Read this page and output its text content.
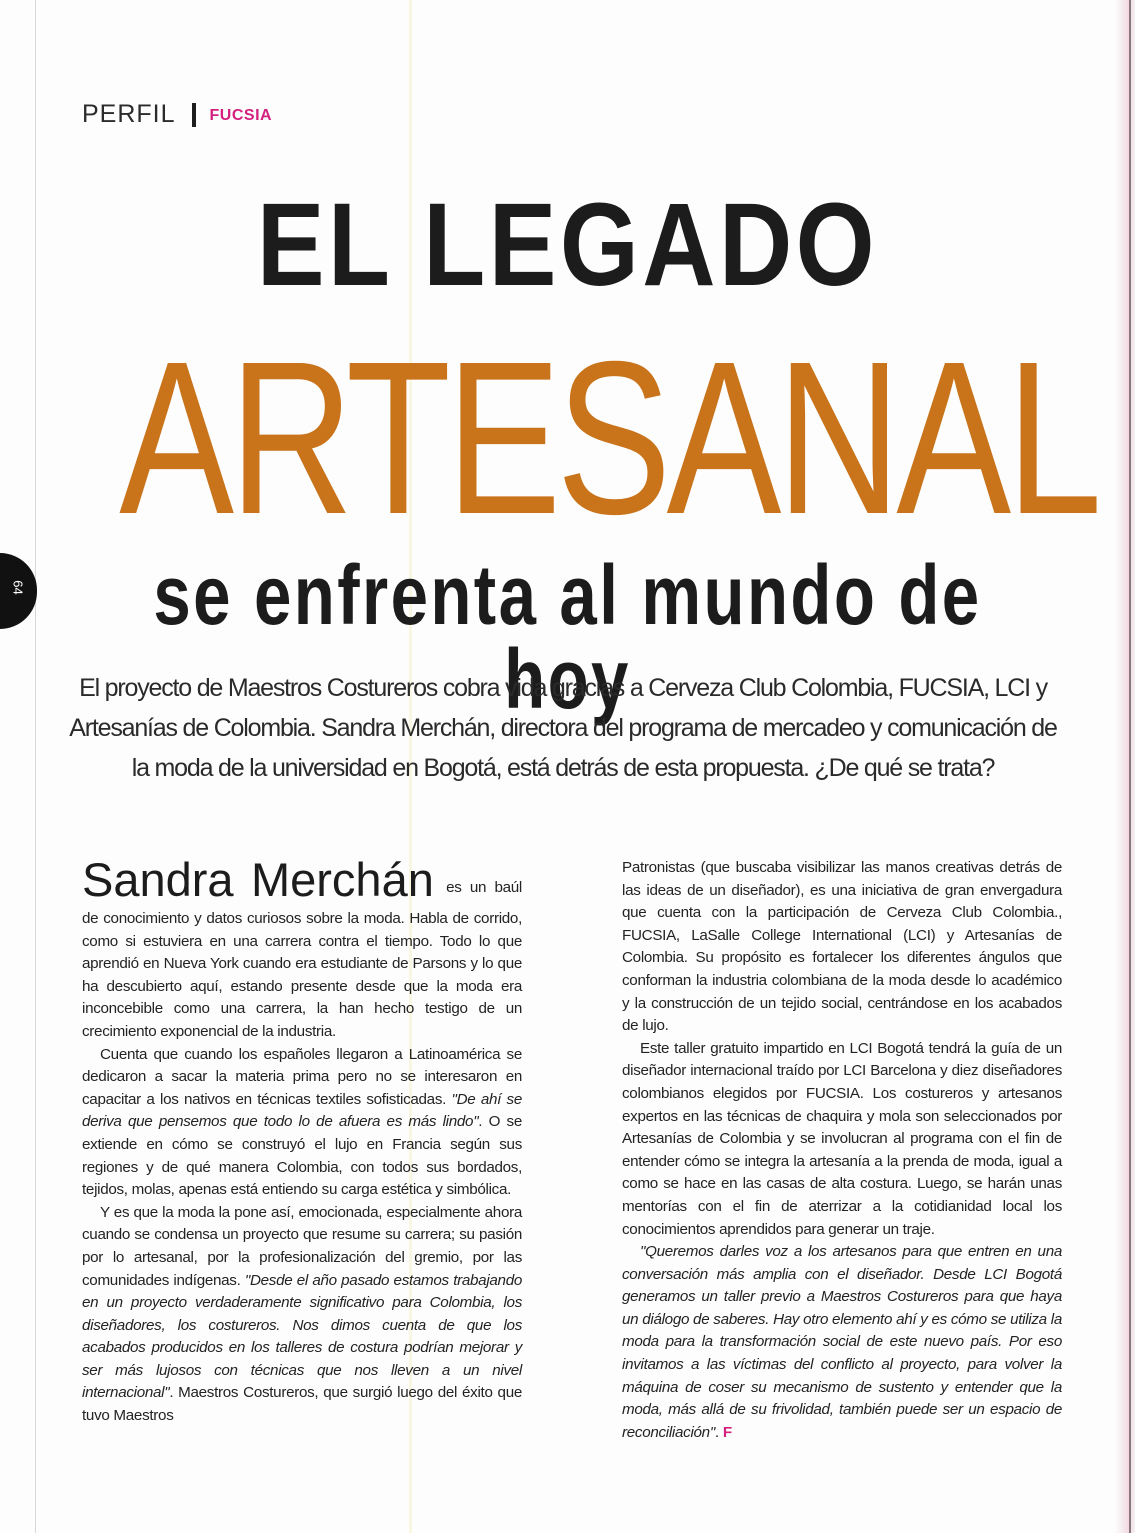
PERFIL FUCSIA
64
EL LEGADO
ARTESANAL
se enfrenta al mundo de hoy

El proyecto de Maestros Costureros cobra vida gracias a Cerveza Club Colombia, FUCSIA, LCI y Artesanías de Colombia. Sandra Merchán, directora del programa de mercadeo y comunicación de la moda de la universidad en Bogotá, está detrás de esta propuesta. ¿De qué se trata?

Sandra Merchán es un baúl de conocimiento y datos curiosos sobre la moda. Habla de corrido, como si estuviera en una carrera contra el tiempo. Todo lo que aprendió en Nueva York cuando era estudiante de Parsons y lo que ha descubierto aquí, estando presente desde que la moda era inconcebible como una carrera, la han hecho testigo de un crecimiento exponencial de la industria.

Cuenta que cuando los españoles llegaron a Latinoamérica se dedicaron a sacar la materia prima pero no se interesaron en capacitar a los nativos en técnicas textiles sofisticadas. "De ahí se deriva que pensemos que todo lo de afuera es más lindo". O se extiende en cómo se construyó el lujo en Francia según sus regiones y de qué manera Colombia, con todos sus bordados, tejidos, molas, apenas está entiendo su carga estética y simbólica.

Y es que la moda la pone así, emocionada, especialmente ahora cuando se condensa un proyecto que resume su carrera; su pasión por lo artesanal, por la profesionalización del gremio, por las comunidades indígenas. "Desde el año pasado estamos trabajando en un proyecto verdaderamente significativo para Colombia, los diseñadores, los costureros. Nos dimos cuenta de que los acabados producidos en los talleres de costura podrían mejorar y ser más lujosos con técnicas que nos lleven a un nivel internacional". Maestros Costureros, que surgió luego del éxito que tuvo Maestros

Patronistas (que buscaba visibilizar las manos creativas detrás de las ideas de un diseñador), es una iniciativa de gran envergadura que cuenta con la participación de Cerveza Club Colombia., FUCSIA, LaSalle College International (LCI) y Artesanías de Colombia. Su propósito es fortalecer los diferentes ángulos que conforman la industria colombiana de la moda desde lo académico y la construcción de un tejido social, centrándose en los acabados de lujo.

Este taller gratuito impartido en LCI Bogotá tendrá la guía de un diseñador internacional traído por LCI Barcelona y diez diseñadores colombianos elegidos por FUCSIA. Los costureros y artesanos expertos en las técnicas de chaquira y mola son seleccionados por Artesanías de Colombia y se involucran al programa con el fin de entender cómo se integra la artesanía a la prenda de moda, igual a como se hace en las casas de alta costura. Luego, se harán unas mentorías con el fin de aterrizar a la cotidianidad local los conocimientos aprendidos para generar un traje.

"Queremos darles voz a los artesanos para que entren en una conversación más amplia con el diseñador. Desde LCI Bogotá generamos un taller previo a Maestros Costureros para que haya un diálogo de saberes. Hay otro elemento ahí y es cómo se utiliza la moda para la transformación social de este nuevo país. Por eso invitamos a las víctimas del conflicto al proyecto, para volver la máquina de coser su mecanismo de sustento y entender que la moda, más allá de su frivolidad, también puede ser un espacio de reconciliación". F
